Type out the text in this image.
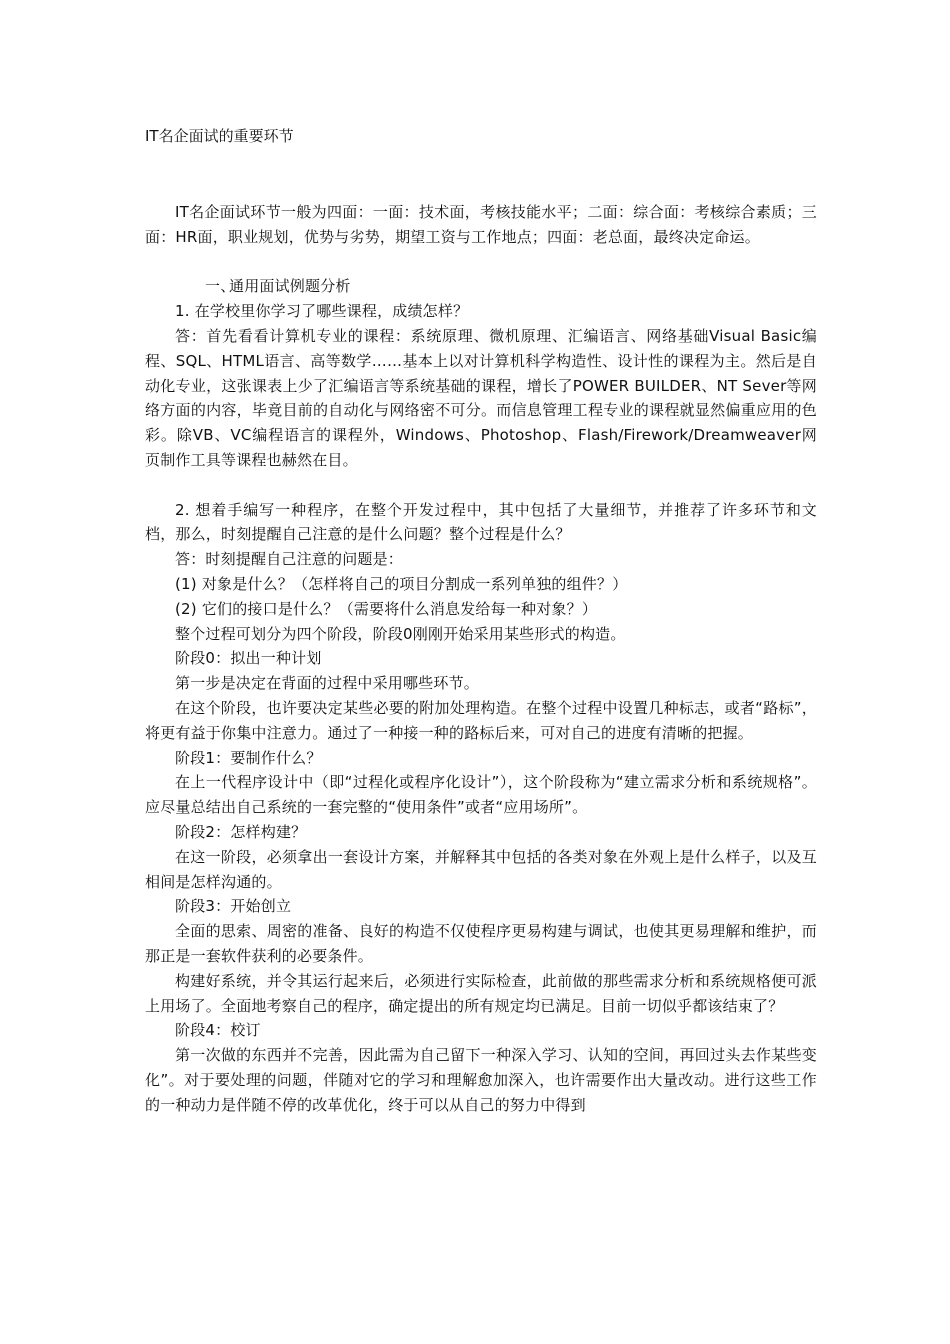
IT名企面试的重要环节

IT名企面试环节一般为四面：一面：技术面，考核技能水平；二面：综合面：考核综合素质；三面：HR面，职业规划，优势与劣势，期望工资与工作地点；四面：老总面，最终决定命运。

一、通用面试例题分析

1. 在学校里你学习了哪些课程，成绩怎样？

答：首先看看计算机专业的课程：系统原理、微机原理、汇编语言、网络基础Visual Basic编程、SQL、HTML语言、高等数学……基本上以对计算机科学构造性、设计性的课程为主。然后是自动化专业，这张课表上少了汇编语言等系统基础的课程，增长了POWER BUILDER、NT Sever等网络方面的内容，毕竟目前的自动化与网络密不可分。而信息管理工程专业的课程就显然偏重应用的色彩。除VB、VC编程语言的课程外，Windows、Photoshop、Flash/Firework/Dreamweaver网页制作工具等课程也赫然在目。

2. 想着手编写一种程序，在整个开发过程中，其中包括了大量细节，并推荐了许多环节和文档，那么，时刻提醒自己注意的是什么问题？整个过程是什么？

答：时刻提醒自己注意的问题是：

(1) 对象是什么？（怎样将自己的项目分割成一系列单独的组件？）

(2) 它们的接口是什么？（需要将什么消息发给每一种对象？）

整个过程可划分为四个阶段，阶段0刚刚开始采用某些形式的构造。

阶段0：拟出一种计划

第一步是决定在背面的过程中采用哪些环节。

在这个阶段，也许要决定某些必要的附加处理构造。在整个过程中设置几种标志，或者“路标”，将更有益于你集中注意力。通过了一种接一种的路标后来，可对自己的进度有清晰的把握。

阶段1：要制作什么？

在上一代程序设计中（即“过程化或程序化设计”），这个阶段称为“建立需求分析和系统规格”。应尽量总结出自己系统的一套完整的“使用条件”或者“应用场所”。

阶段2：怎样构建？

在这一阶段，必须拿出一套设计方案，并解释其中包括的各类对象在外观上是什么样子，以及互相间是怎样沟通的。

阶段3：开始创立

全面的思索、周密的准备、良好的构造不仅使程序更易构建与调试，也使其更易理解和维护，而那正是一套软件获利的必要条件。

构建好系统，并令其运行起来后，必须进行实际检查，此前做的那些需求分析和系统规格便可派上用场了。全面地考察自己的程序，确定提出的所有规定均已满足。目前一切似乎都该结束了？

阶段4：校订

第一次做的东西并不完善，因此需为自己留下一种深入学习、认知的空间，再回过头去作某些变化”。对于要处理的问题，伴随对它的学习和理解愈加深入，也许需要作出大量改动。进行这些工作的一种动力是伴随不停的改革优化，终于可以从自己的努力中得到
